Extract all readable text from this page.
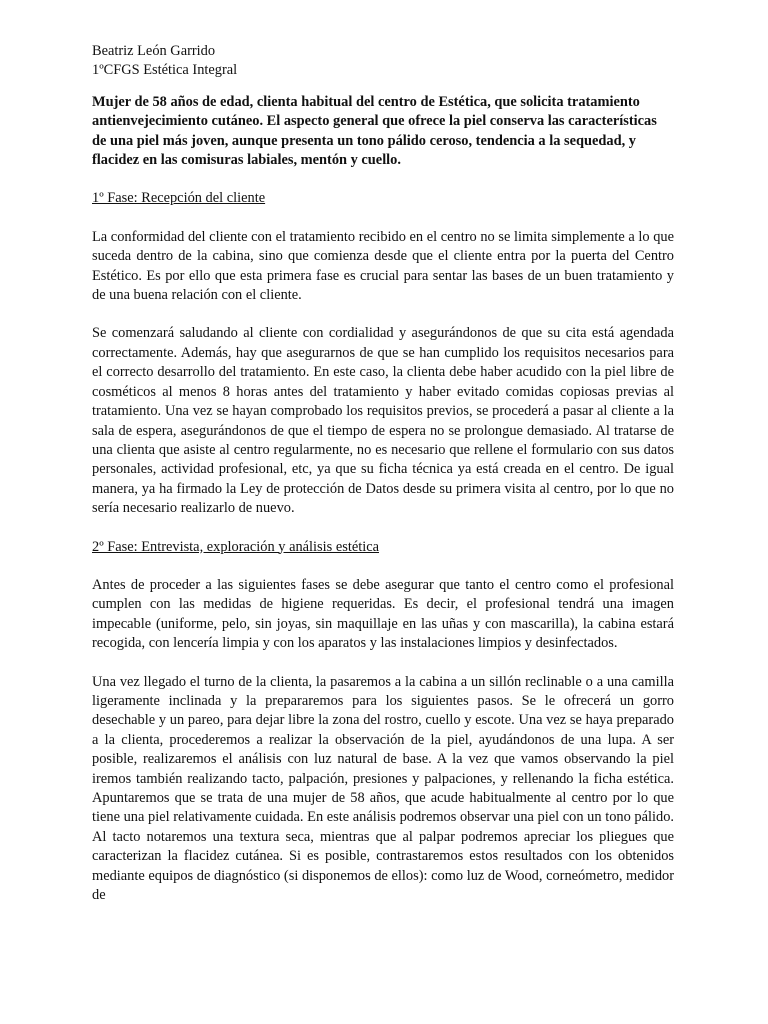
Beatriz León Garrido

1ºCFGS Estética Integral

Mujer de 58 años de edad, clienta habitual del centro de Estética, que solicita tratamiento antienvejecimiento cutáneo. El aspecto general que ofrece la piel conserva las características de una piel más joven, aunque presenta un tono pálido ceroso, tendencia a la sequedad, y flacidez en las comisuras labiales, mentón y cuello.

1º Fase: Recepción del cliente

La conformidad del cliente con el tratamiento recibido en el centro no se limita simplemente a lo que suceda dentro de la cabina, sino que comienza desde que el cliente entra por la puerta del Centro Estético. Es por ello que esta primera fase es crucial para sentar las bases de un buen tratamiento y de una buena relación con el cliente.

Se comenzará saludando al cliente con cordialidad y asegurándonos de que su cita está agendada correctamente. Además, hay que asegurarnos de que se han cumplido los requisitos necesarios para el correcto desarrollo del tratamiento. En este caso, la clienta debe haber acudido con la piel libre de cosméticos al menos 8 horas antes del tratamiento y haber evitado comidas copiosas previas al tratamiento. Una vez se hayan comprobado los requisitos previos, se procederá a pasar al cliente a la sala de espera, asegurándonos de que el tiempo de espera no se prolongue demasiado. Al tratarse de una clienta que asiste al centro regularmente, no es necesario que rellene el formulario con sus datos personales, actividad profesional, etc, ya que su ficha técnica ya está creada en el centro. De igual manera, ya ha firmado la Ley de protección de Datos desde su primera visita al centro, por lo que no sería necesario realizarlo de nuevo.

2º Fase: Entrevista, exploración y análisis estética

Antes de proceder a las siguientes fases se debe asegurar que tanto el centro como el profesional cumplen con las medidas de higiene requeridas. Es decir, el profesional tendrá una imagen impecable (uniforme, pelo, sin joyas, sin maquillaje en las uñas y con mascarilla), la cabina estará recogida, con lencería limpia y con los aparatos y las instalaciones limpios y desinfectados.

Una vez llegado el turno de la clienta, la pasaremos a la cabina a un sillón reclinable o a una camilla ligeramente inclinada y la prepararemos para los siguientes pasos. Se le ofrecerá un gorro desechable y un pareo, para dejar libre la zona del rostro, cuello y escote. Una vez se haya preparado a la clienta, procederemos a realizar la observación de la piel, ayudándonos de una lupa. A ser posible, realizaremos el análisis con luz natural de base. A la vez que vamos observando la piel iremos también realizando tacto, palpación, presiones y palpaciones, y rellenando la ficha estética. Apuntaremos que se trata de una mujer de 58 años, que acude habitualmente al centro por lo que tiene una piel relativamente cuidada. En este análisis podremos observar una piel con un tono pálido. Al tacto notaremos una textura seca, mientras que al palpar podremos apreciar los pliegues que caracterizan la flacidez cutánea. Si es posible, contrastaremos estos resultados con los obtenidos mediante equipos de diagnóstico (si disponemos de ellos): como luz de Wood, corneómetro, medidor de
